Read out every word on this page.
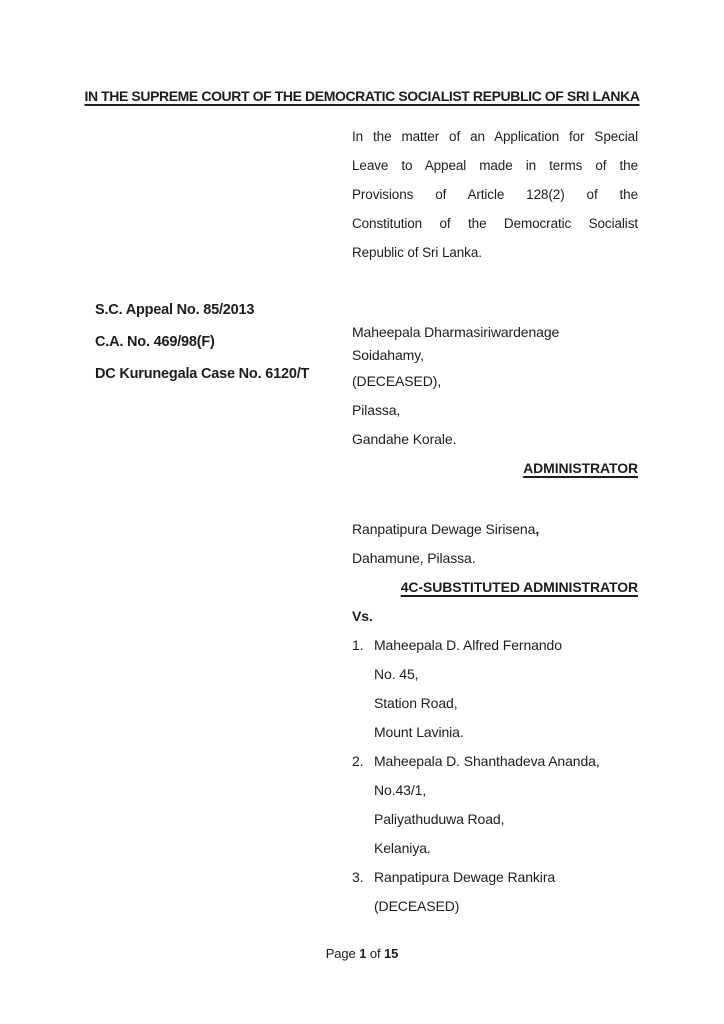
IN THE SUPREME COURT OF THE DEMOCRATIC SOCIALIST REPUBLIC OF SRI LANKA
In the matter of an Application for Special
Leave to Appeal made in terms of the
Provisions of Article 128(2) of the
Constitution of the Democratic Socialist
Republic of Sri Lanka.

S.C. Appeal No. 85/2013

C.A. No. 469/98(F)

DC Kurunegala Case No. 6120/T

Maheepala Dharmasiriwardenage Soidahamy,

(DECEASED),

Pilassa,

Gandahe Korale.

ADMINISTRATOR

Ranpatipura Dewage Sirisena,

Dahamune, Pilassa.

4C-SUBSTITUTED ADMINISTRATOR

Vs.

1. Maheepala D. Alfred Fernando
No. 45,
Station Road,
Mount Lavinia.
2. Maheepala D. Shanthadeva Ananda,
No.43/1,
Paliyathuduwa Road,
Kelaniya.
3. Ranpatipura Dewage Rankira
(DECEASED)
Page 1 of 15
